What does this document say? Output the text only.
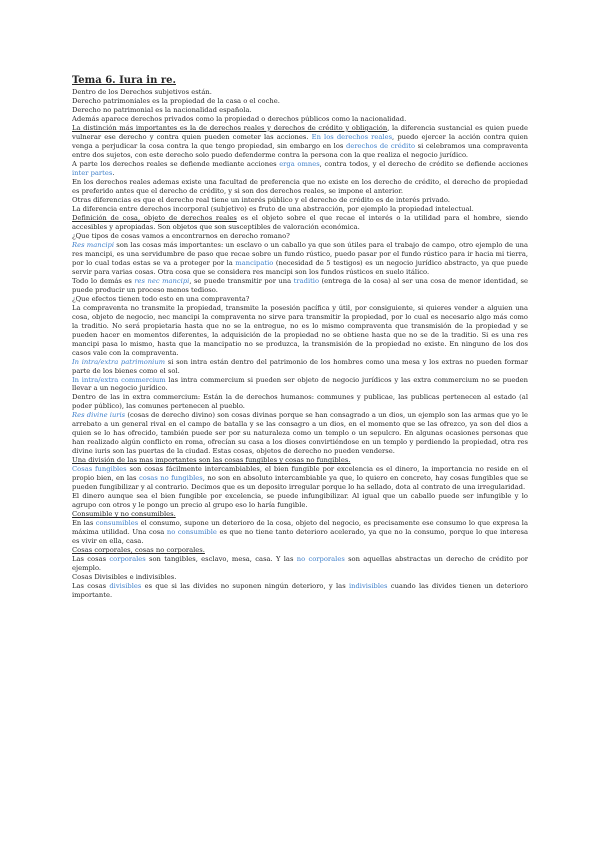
Tema 6. Iura in re.

Dentro de los Derechos subjetivos están.

Derecho patrimoniales es la propiedad de la casa o el coche.

Derecho no patrimonial es la nacionalidad española.

Además aparece derechos privados como la propiedad o derechos públicos como la nacionalidad.

La distinción más importantes es la de derechos reales y derechos de crédito y obligación, la diferencia sustancial es quien puede vulnerar ese derecho y contra quien pueden cometer las acciones. En los derechos reales, puedo ejercer la acción contra quien venga a perjudicar la cosa contra la que tengo propiedad, sin embargo en los derechos de crédito si celebramos una compraventa entre dos sujetos, con este derecho solo puedo defenderme contra la persona con la que realiza el negocio jurídico.

A parte los derechos reales se defiende mediante acciones erga omnes, contra todos, y el derecho de crédito se defiende acciones inter partes.

En los derechos reales ademas existe una facultad de preferencia que no existe en los derecho de crédito, el derecho de propiedad es preferido antes que el derecho de crédito, y si son dos derechos reales, se impone el anterior.

Otras diferencias es que el derecho real tiene un interés público y el derecho de crédito es de interés privado.

La diferencia entre derechos incorporal (subjetivo) es fruto de una abstracción, por ejemplo la propiedad intelectual.

Definición de cosa, objeto de derechos reales es el objeto sobre el que recae el interés o la utilidad para el hombre, siendo accesibles y apropiadas. Son objetos que son susceptibles de valoración económica.

¿Que tipos de cosas vamos a encontrarnos en derecho romano?

Res mancipi son las cosas más importantes: un esclavo o un caballo ya que son útiles para el trabajo de campo, otro ejemplo de una res mancipi, es una servidumbre de paso que recae sobre un fundo rústico, puedo pasar por el fundo rústico para ir hacia mi tierra, por lo cual todas estas se va a proteger por la mancipatio (necesidad de 5 testigos) es un negocio jurídico abstracto, ya que puede servir para varias cosas. Otra cosa que se considera res mancipi son los fundos rústicos en suelo itálico.

Todo lo demás es res nec mancipi, se puede transmitir por una traditio (entrega de la cosa) al ser una cosa de menor identidad, se puede producir un proceso menos tedioso.

¿Que efectos tienen todo esto en una compraventa?

La compraventa no transmite la propiedad, transmite la posesión pacífica y útil, por consiguiente, si quieres vender a alguien una cosa, objeto de negocio, nec mancipi la compraventa no sirve para transmitir la propiedad, por lo cual es necesario algo más como la traditio. No será propietaria hasta que no se la entregue, no es lo mismo compraventa que transmisión de la propiedad y se pueden hacer en momentos diferentes, la adquisición de la propiedad no se obtiene hasta que no se de la traditio. Si es una res mancipi pasa lo mismo, hasta que la mancipatio no se produzca, la transmisión de la propiedad no existe. En ninguno de los dos casos vale con la compraventa.

In intra/extra patrimonium si son intra están dentro del patrimonio de los hombres como una mesa y los extras no pueden formar parte de los bienes como el sol.

In intra/extra commercium las intra commercium si pueden ser objeto de negocio jurídicos y las extra commercium no se pueden llevar a un negocio jurídico.

Dentro de las in extra commercium: Están la de derechos humanos: communes y publicae, las publicas pertenecen al estado (al poder público), las comunes pertenecen al pueblo.

Res divine iuris (cosas de derecho divino) son cosas divinas porque se han consagrado a un dios, un ejemplo son las armas que yo le arrebato a un general rival en el campo de batalla y se las consagro a un dios, en el momento que se las ofrezco, ya son del dios a quien se lo has ofrecido, también puede ser por su naturaleza como un templo o un sepulcro. En algunas ocasiones personas que han realizado algún conflicto en roma, ofrecían su casa a los dioses convirtiéndose en un templo y perdiendo la propiedad, otra res divine iuris son las puertas de la ciudad. Estas cosas, objetos de derecho no pueden venderse.

Una división de las mas importantes son las cosas fungibles y cosas no fungibles.

Cosas fungibles son cosas fácilmente intercambiables, el bien fungible por excelencia es el dinero, la importancia no reside en el propio bien, en las cosas no fungibles, no son en absoluto intercambiable ya que, lo quiero en concreto, hay cosas fungibles que se pueden fungibilizar y al contrario. Decimos que es un deposito irregular porque lo ha sellado, dota al contrato de una irregularidad.

El dinero aunque sea el bien fungible por excelencia, se puede infungibilizar. Al igual que un caballo puede ser infungible y lo agrupo con otros y le pongo un precio al grupo eso lo haría fungible.

Consumible y no consumibles.

En las consumibles el consumo, supone un deterioro de la cosa, objeto del negocio, es precisamente ese consumo lo que expresa la máxima utilidad. Una cosa no consumible es que no tiene tanto deterioro acelerado, ya que no la consumo, porque lo que interesa es vivir en ella, casa.

Cosas corporales, cosas no corporales.

Las cosas corporales son tangibles, esclavo, mesa, casa. Y las no corporales son aquellas abstractas un derecho de crédito por ejemplo.

Cosas Divisibles e indivisibles.

Las cosas divisibles es que si las divides no suponen ningún deterioro, y las indivisibles cuando las divides tienen un deterioro importante.
